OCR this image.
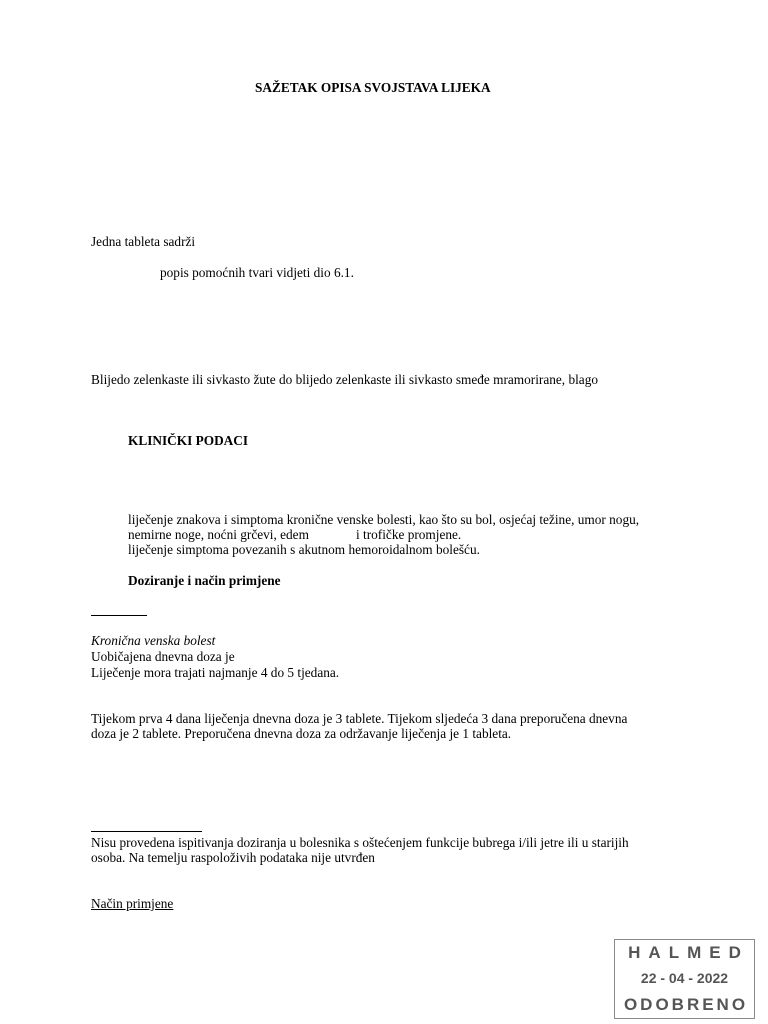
SAŽETAK OPISA SVOJSTAVA LIJEKA
Jedna tableta sadrži
popis pomoćnih tvari vidjeti dio 6.1.
Blijedo zelenkaste ili sivkasto žute do blijedo zelenkaste ili sivkasto smeđe mramorirane, blago
KLINIČKI PODACI
liječenje znakova i simptoma kronične venske bolesti, kao što su bol, osjećaj težine, umor nogu,
nemirne noge, noćni grčevi, edem	i trofičke promjene.
liječenje simptoma povezanih s akutnom hemoroidalnom bolešću.
Doziranje i način primjene
Kronična venska bolest
Uobičajena dnevna doza je
Liječenje mora trajati najmanje 4 do 5 tjedana.
Tijekom prva 4 dana liječenja dnevna doza je 3 tablete. Tijekom sljedeća 3 dana preporučena dnevna
doza je 2 tablete. Preporučena dnevna doza za održavanje liječenja je 1 tableta.
Nisu provedena ispitivanja doziranja u bolesnika s oštećenjem funkcije bubrega i/ili jetre ili u starijih
osoba. Na temelju raspoloživih podataka nije utvrđen
Način primjene
HALMED
22 - 04 - 2022
ODOBRENO
